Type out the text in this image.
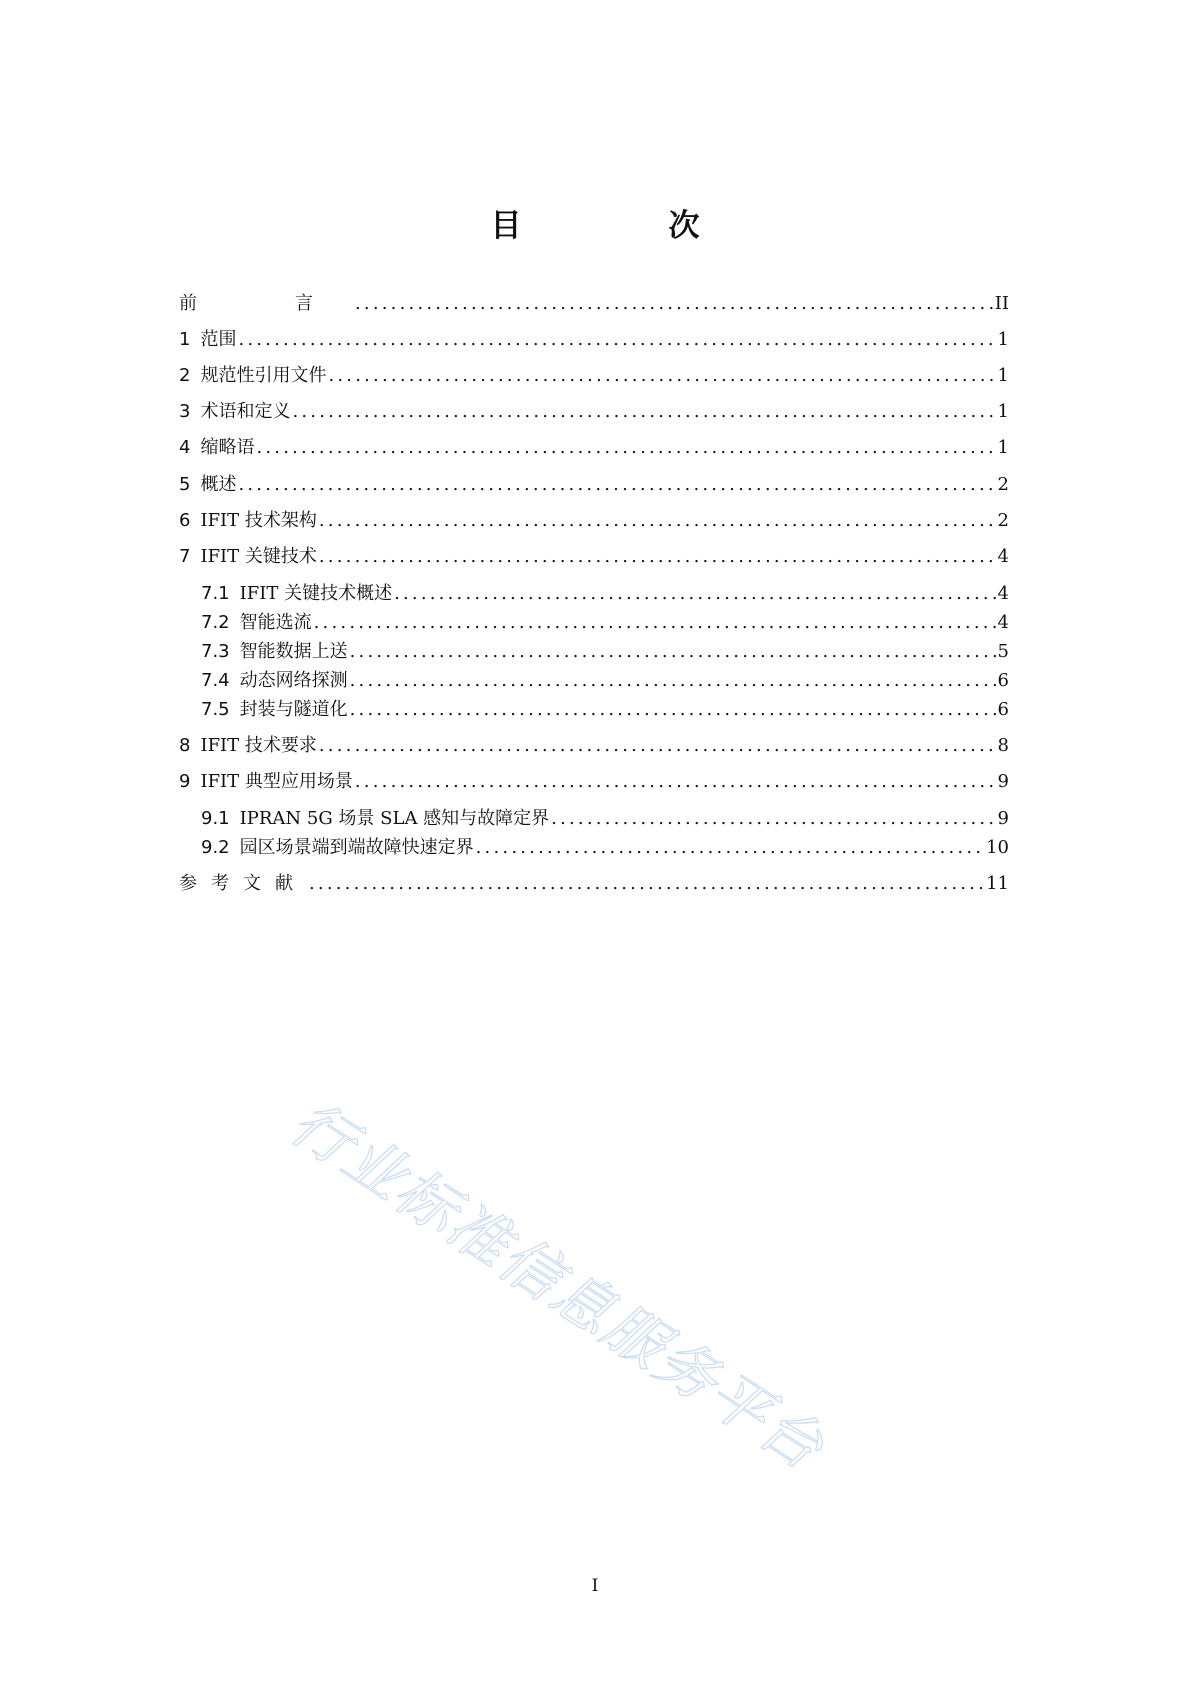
目　次
前　言 .....	II
1 范围 .....	1
2 规范性引用文件 .....	1
3 术语和定义 .....	1
4 缩略语 .....	1
5 概述 .....	2
6 IFIT 技术架构 .....	2
7 IFIT 关键技术 .....	4
7.1 IFIT 关键技术概述 .....	4
7.2 智能选流 .....	4
7.3 智能数据上送 .....	5
7.4 动态网络探测 .....	6
7.5 封装与隧道化 .....	6
8 IFIT 技术要求 .....	8
9 IFIT 典型应用场景 .....	9
9.1 IPRAN 5G 场景 SLA 感知与故障定界 .....	9
9.2 园区场景端到端故障快速定界 .....	10
参考文献 .....	11
行业标准信息服务平台
I
